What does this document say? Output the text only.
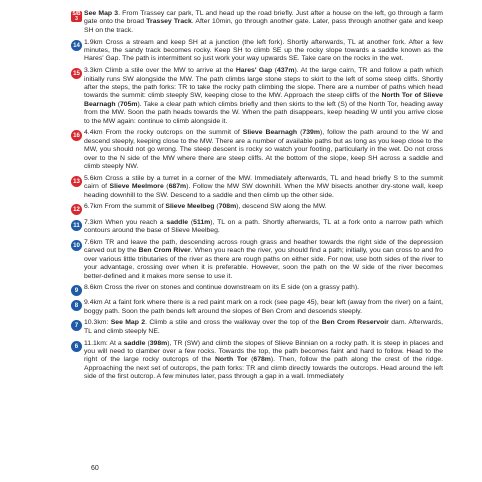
S/B
3
See Map 3. From Trassey car park, TL and head up the road briefly. Just after a house on the left, go through a farm gate onto the broad Trassey Track. After 10min, go through another gate. Later, pass through another gate and keep SH on the track.
14 1.9km Cross a stream and keep SH at a junction (the left fork). Shortly afterwards, TL at another fork. After a few minutes, the sandy track becomes rocky. Keep SH to climb SE up the rocky slope towards a saddle known as the Hares' Gap. The path is intermittent so just work your way upwards SE. Take care on the rocks in the wet.
15 3.3km Climb a stile over the MW to arrive at the Hares' Gap (437m). At the large cairn, TR and follow a path which initially runs SW alongside the MW. The path climbs large stone steps to skirt to the left of some steep cliffs. Shortly after the steps, the path forks: TR to take the rocky path climbing the slope. There are a number of paths which head towards the summit: climb steeply SW, keeping close to the MW. Approach the steep cliffs of the North Tor of Slieve Bearnagh (705m). Take a clear path which climbs briefly and then skirts to the left (S) of the North Tor, heading away from the MW. Soon the path heads towards the W. When the path disappears, keep heading W until you arrive close to the MW again: continue to climb alongside it.
16 4.4km From the rocky outcrops on the summit of Slieve Bearnagh (739m), follow the path around to the W and descend steeply, keeping close to the MW. There are a number of available paths but as long as you keep close to the MW, you should not go wrong. The steep descent is rocky so watch your footing, particularly in the wet. Do not cross over to the N side of the MW where there are steep cliffs. At the bottom of the slope, keep SH across a saddle and climb steeply NW.
13 5.6km Cross a stile by a turret in a corner of the MW. Immediately afterwards, TL and head briefly S to the summit cairn of Slieve Meelmore (687m). Follow the MW SW downhill. When the MW bisects another dry-stone wall, keep heading downhill to the SW. Descend to a saddle and then climb up the other side.
12 6.7km From the summit of Slieve Meelbeg (708m), descend SW along the MW.
11 7.3km When you reach a saddle (511m), TL on a path. Shortly afterwards, TL at a fork onto a narrow path which contours around the base of Slieve Meelbeg.
10 7.6km TR and leave the path, descending across rough grass and heather towards the right side of the depression carved out by the Ben Crom River. When you reach the river, you should find a path; initially, you can cross to and fro over various little tributaries of the river as there are rough paths on either side. For now, use both sides of the river to your advantage, crossing over when it is preferable. However, soon the path on the W side of the river becomes better-defined and it makes more sense to use it.
9 8.6km Cross the river on stones and continue downstream on its E side (on a grassy path).
8 9.4km At a faint fork where there is a red paint mark on a rock (see page 45), bear left (away from the river) on a faint, boggy path. Soon the path bends left around the slopes of Ben Crom and descends steeply.
7 10.3km: See Map 2. Climb a stile and cross the walkway over the top of the Ben Crom Reservoir dam. Afterwards, TL and climb steeply NE.
6 11.1km: At a saddle (398m), TR (SW) and climb the slopes of Slieve Binnian on a rocky path. It is steep in places and you will need to clamber over a few rocks. Towards the top, the path becomes faint and hard to follow. Head to the right of the large rocky outcrops of the North Tor (678m). Then, follow the path along the crest of the ridge. Approaching the next set of outcrops, the path forks: TR and climb directly towards the outcrops. Head around the left side of the first outcrop. A few minutes later, pass through a gap in a wall. Immediately
60
